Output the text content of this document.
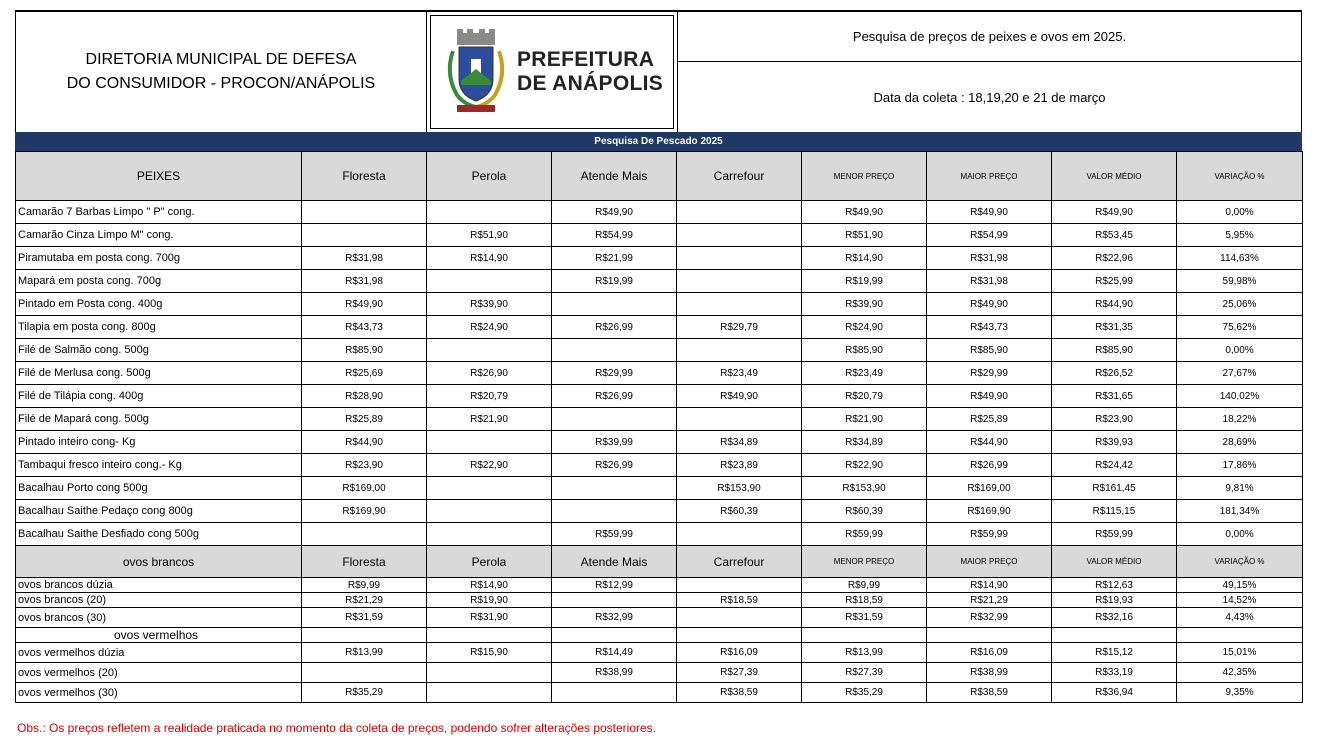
DIRETORIA MUNICIPAL DE DEFESA
DO CONSUMIDOR - PROCON/ANÁPOLIS
PREFEITURA
DE ANÁPOLIS
Pesquisa de preços de peixes e ovos em 2025.
Data da coleta : 18,19,20 e 21 de março
Pesquisa De Pescado 2025
PEIXES	Floresta	Perola	Atende Mais	Carrefour	MENOR PREÇO	MAIOR PREÇO	VALOR MÉDIO	VARIAÇÃO %
Camarão 7 Barbas Limpo " P" cong.			R$49,90		R$49,90	R$49,90	R$49,90	0,00%
Camarão Cinza Limpo M" cong.		R$51,90	R$54,99		R$51,90	R$54,99	R$53,45	5,95%
Piramutaba em posta cong. 700g	R$31,98	R$14,90	R$21,99		R$14,90	R$31,98	R$22,96	114,63%
Mapará em posta cong. 700g	R$31,98		R$19,99		R$19,99	R$31,98	R$25,99	59,98%
Pintado em Posta cong. 400g	R$49,90	R$39,90			R$39,90	R$49,90	R$44,90	25,06%
Tilapia em posta cong. 800g	R$43,73	R$24,90	R$26,99	R$29,79	R$24,90	R$43,73	R$31,35	75,62%
Filé de Salmão cong. 500g	R$85,90				R$85,90	R$85,90	R$85,90	0,00%
Filé de Merlusa cong. 500g	R$25,69	R$26,90	R$29,99	R$23,49	R$23,49	R$29,99	R$26,52	27,67%
Filé de Tilápia cong. 400g	R$28,90	R$20,79	R$26,99	R$49,90	R$20,79	R$49,90	R$31,65	140,02%
Filé de Mapará cong. 500g	R$25,89	R$21,90			R$21,90	R$25,89	R$23,90	18,22%
Pintado inteiro cong- Kg	R$44,90		R$39,99	R$34,89	R$34,89	R$44,90	R$39,93	28,69%
Tambaqui fresco inteiro cong.- Kg	R$23,90	R$22,90	R$26,99	R$23,89	R$22,90	R$26,99	R$24,42	17,86%
Bacalhau Porto cong 500g	R$169,00			R$153,90	R$153,90	R$169,00	R$161,45	9,81%
Bacalhau Saithe Pedaço cong 800g	R$169,90			R$60,39	R$60,39	R$169,90	R$115,15	181,34%
Bacalhau Saithe Desfiado cong 500g			R$59,99		R$59,99	R$59,99	R$59,99	0,00%
ovos brancos	Floresta	Perola	Atende Mais	Carrefour	MENOR PREÇO	MAIOR PREÇO	VALOR MÉDIO	VARIAÇÃO %
ovos brancos dúzia	R$9,99	R$14,90	R$12,99		R$9,99	R$14,90	R$12,63	49,15%
ovos brancos (20)	R$21,29	R$19,90		R$18,59	R$18,59	R$21,29	R$19,93	14,52%
ovos brancos (30)	R$31,59	R$31,90	R$32,99		R$31,59	R$32,99	R$32,16	4,43%
ovos vermelhos								
ovos vermelhos dúzia	R$13,99	R$15,90	R$14,49	R$16,09	R$13,99	R$16,09	R$15,12	15,01%
ovos vermelhos (20)			R$38,99	R$27,39	R$27,39	R$38,99	R$33,19	42,35%
ovos vermelhos (30)	R$35,29			R$38,59	R$35,29	R$38,59	R$36,94	9,35%
Obs.: Os preços refletem a realidade praticada no momento da coleta de preços, podendo sofrer alterações posteriores.
